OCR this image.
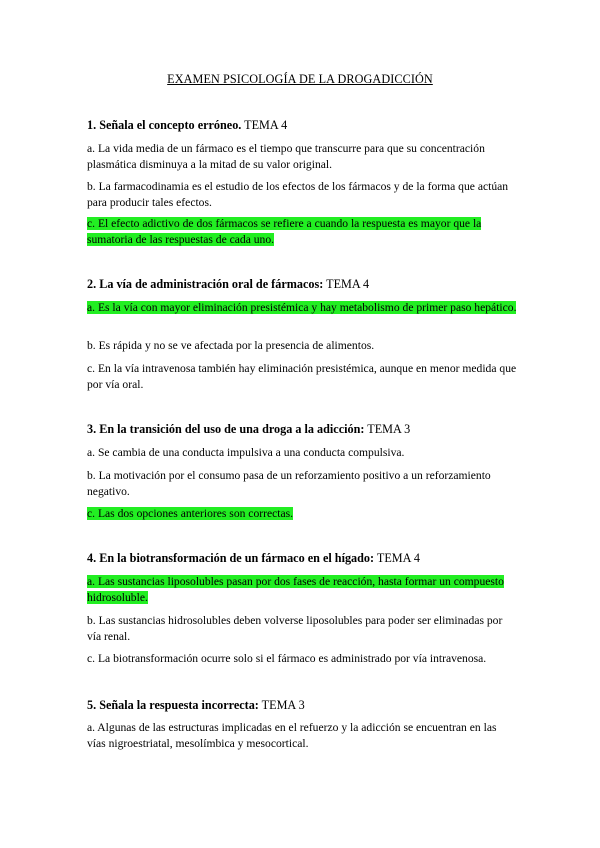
EXAMEN PSICOLOGÍA DE LA DROGADICCIÓN
1. Señala el concepto erróneo. TEMA 4
a. La vida media de un fármaco es el tiempo que transcurre para que su concentración plasmática disminuya a la mitad de su valor original.
b. La farmacodinamia es el estudio de los efectos de los fármacos y de la forma que actúan para producir tales efectos.
c. El efecto adictivo de dos fármacos se refiere a cuando la respuesta es mayor que la sumatoria de las respuestas de cada uno.
2. La vía de administración oral de fármacos: TEMA 4
a. Es la vía con mayor eliminación presistémica y hay metabolismo de primer paso hepático.
b. Es rápida y no se ve afectada por la presencia de alimentos.
c. En la vía intravenosa también hay eliminación presistémica, aunque en menor medida que por vía oral.
3. En la transición del uso de una droga a la adicción: TEMA 3
a. Se cambia de una conducta impulsiva a una conducta compulsiva.
b. La motivación por el consumo pasa de un reforzamiento positivo a un reforzamiento negativo.
c. Las dos opciones anteriores son correctas.
4. En la biotransformación de un fármaco en el hígado: TEMA 4
a. Las sustancias liposolubles pasan por dos fases de reacción, hasta formar un compuesto hidrosoluble.
b. Las sustancias hidrosolubles deben volverse liposolubles para poder ser eliminadas por vía renal.
c. La biotransformación ocurre solo si el fármaco es administrado por vía intravenosa.
5. Señala la respuesta incorrecta: TEMA 3
a. Algunas de las estructuras implicadas en el refuerzo y la adicción se encuentran en las vías nigroestriatal, mesolímbica y mesocortical.
